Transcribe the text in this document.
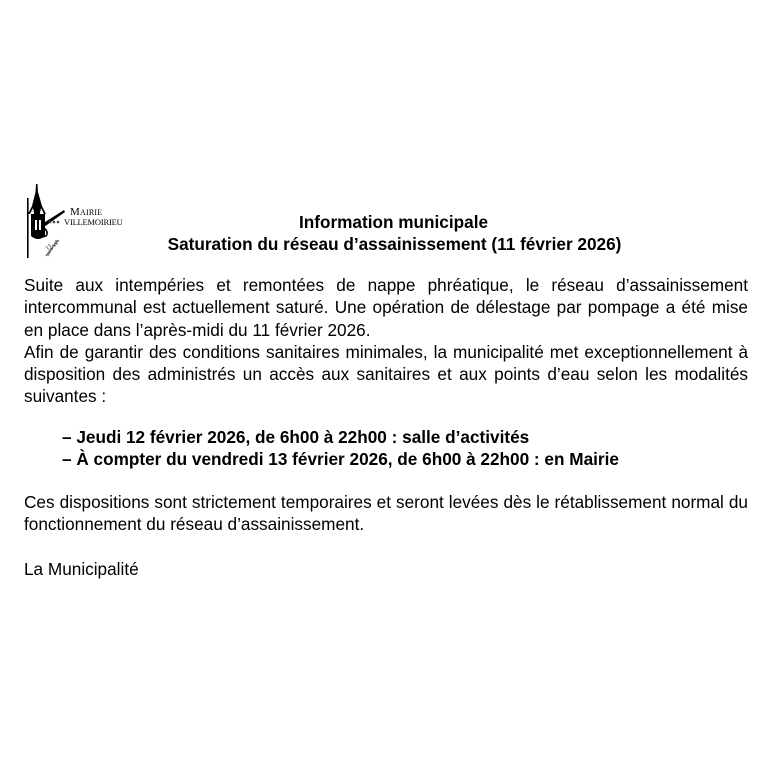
Mairie
VILLEMOIRIEU	Information municipale
Saturation du réseau d’assainissement (11 février 2026)

Suite aux intempéries et remontées de nappe phréatique, le réseau d’assainissement intercommunal est actuellement saturé. Une opération de délestage par pompage a été mise en place dans l’après-midi du 11 février 2026.

Afin de garantir des conditions sanitaires minimales, la municipalité met exceptionnellement à disposition des administrés un accès aux sanitaires et aux points d’eau selon les modalités suivantes :

– Jeudi 12 février 2026, de 6h00 à 22h00 : salle d’activités
– À compter du vendredi 13 février 2026, de 6h00 à 22h00 : en Mairie

Ces dispositions sont strictement temporaires et seront levées dès le rétablissement normal du fonctionnement du réseau d’assainissement.

La Municipalité
